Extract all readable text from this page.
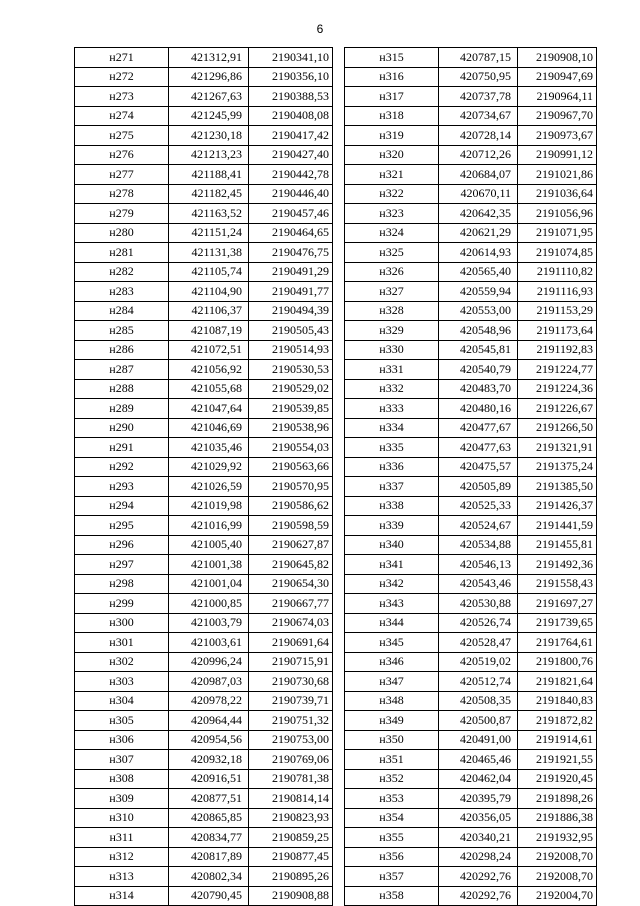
6
н271	421312,91	2190341,10
н272	421296,86	2190356,10
н273	421267,63	2190388,53
н274	421245,99	2190408,08
н275	421230,18	2190417,42
н276	421213,23	2190427,40
н277	421188,41	2190442,78
н278	421182,45	2190446,40
н279	421163,52	2190457,46
н280	421151,24	2190464,65
н281	421131,38	2190476,75
н282	421105,74	2190491,29
н283	421104,90	2190491,77
н284	421106,37	2190494,39
н285	421087,19	2190505,43
н286	421072,51	2190514,93
н287	421056,92	2190530,53
н288	421055,68	2190529,02
н289	421047,64	2190539,85
н290	421046,69	2190538,96
н291	421035,46	2190554,03
н292	421029,92	2190563,66
н293	421026,59	2190570,95
н294	421019,98	2190586,62
н295	421016,99	2190598,59
н296	421005,40	2190627,87
н297	421001,38	2190645,82
н298	421001,04	2190654,30
н299	421000,85	2190667,77
н300	421003,79	2190674,03
н301	421003,61	2190691,64
н302	420996,24	2190715,91
н303	420987,03	2190730,68
н304	420978,22	2190739,71
н305	420964,44	2190751,32
н306	420954,56	2190753,00
н307	420932,18	2190769,06
н308	420916,51	2190781,38
н309	420877,51	2190814,14
н310	420865,85	2190823,93
н311	420834,77	2190859,25
н312	420817,89	2190877,45
н313	420802,34	2190895,26
н314	420790,45	2190908,88
н315	420787,15	2190908,10
н316	420750,95	2190947,69
н317	420737,78	2190964,11
н318	420734,67	2190967,70
н319	420728,14	2190973,67
н320	420712,26	2190991,12
н321	420684,07	2191021,86
н322	420670,11	2191036,64
н323	420642,35	2191056,96
н324	420621,29	2191071,95
н325	420614,93	2191074,85
н326	420565,40	2191110,82
н327	420559,94	2191116,93
н328	420553,00	2191153,29
н329	420548,96	2191173,64
н330	420545,81	2191192,83
н331	420540,79	2191224,77
н332	420483,70	2191224,36
н333	420480,16	2191226,67
н334	420477,67	2191266,50
н335	420477,63	2191321,91
н336	420475,57	2191375,24
н337	420505,89	2191385,50
н338	420525,33	2191426,37
н339	420524,67	2191441,59
н340	420534,88	2191455,81
н341	420546,13	2191492,36
н342	420543,46	2191558,43
н343	420530,88	2191697,27
н344	420526,74	2191739,65
н345	420528,47	2191764,61
н346	420519,02	2191800,76
н347	420512,74	2191821,64
н348	420508,35	2191840,83
н349	420500,87	2191872,82
н350	420491,00	2191914,61
н351	420465,46	2191921,55
н352	420462,04	2191920,45
н353	420395,79	2191898,26
н354	420356,05	2191886,38
н355	420340,21	2191932,95
н356	420298,24	2192008,70
н357	420292,76	2192008,70
н358	420292,76	2192004,70
